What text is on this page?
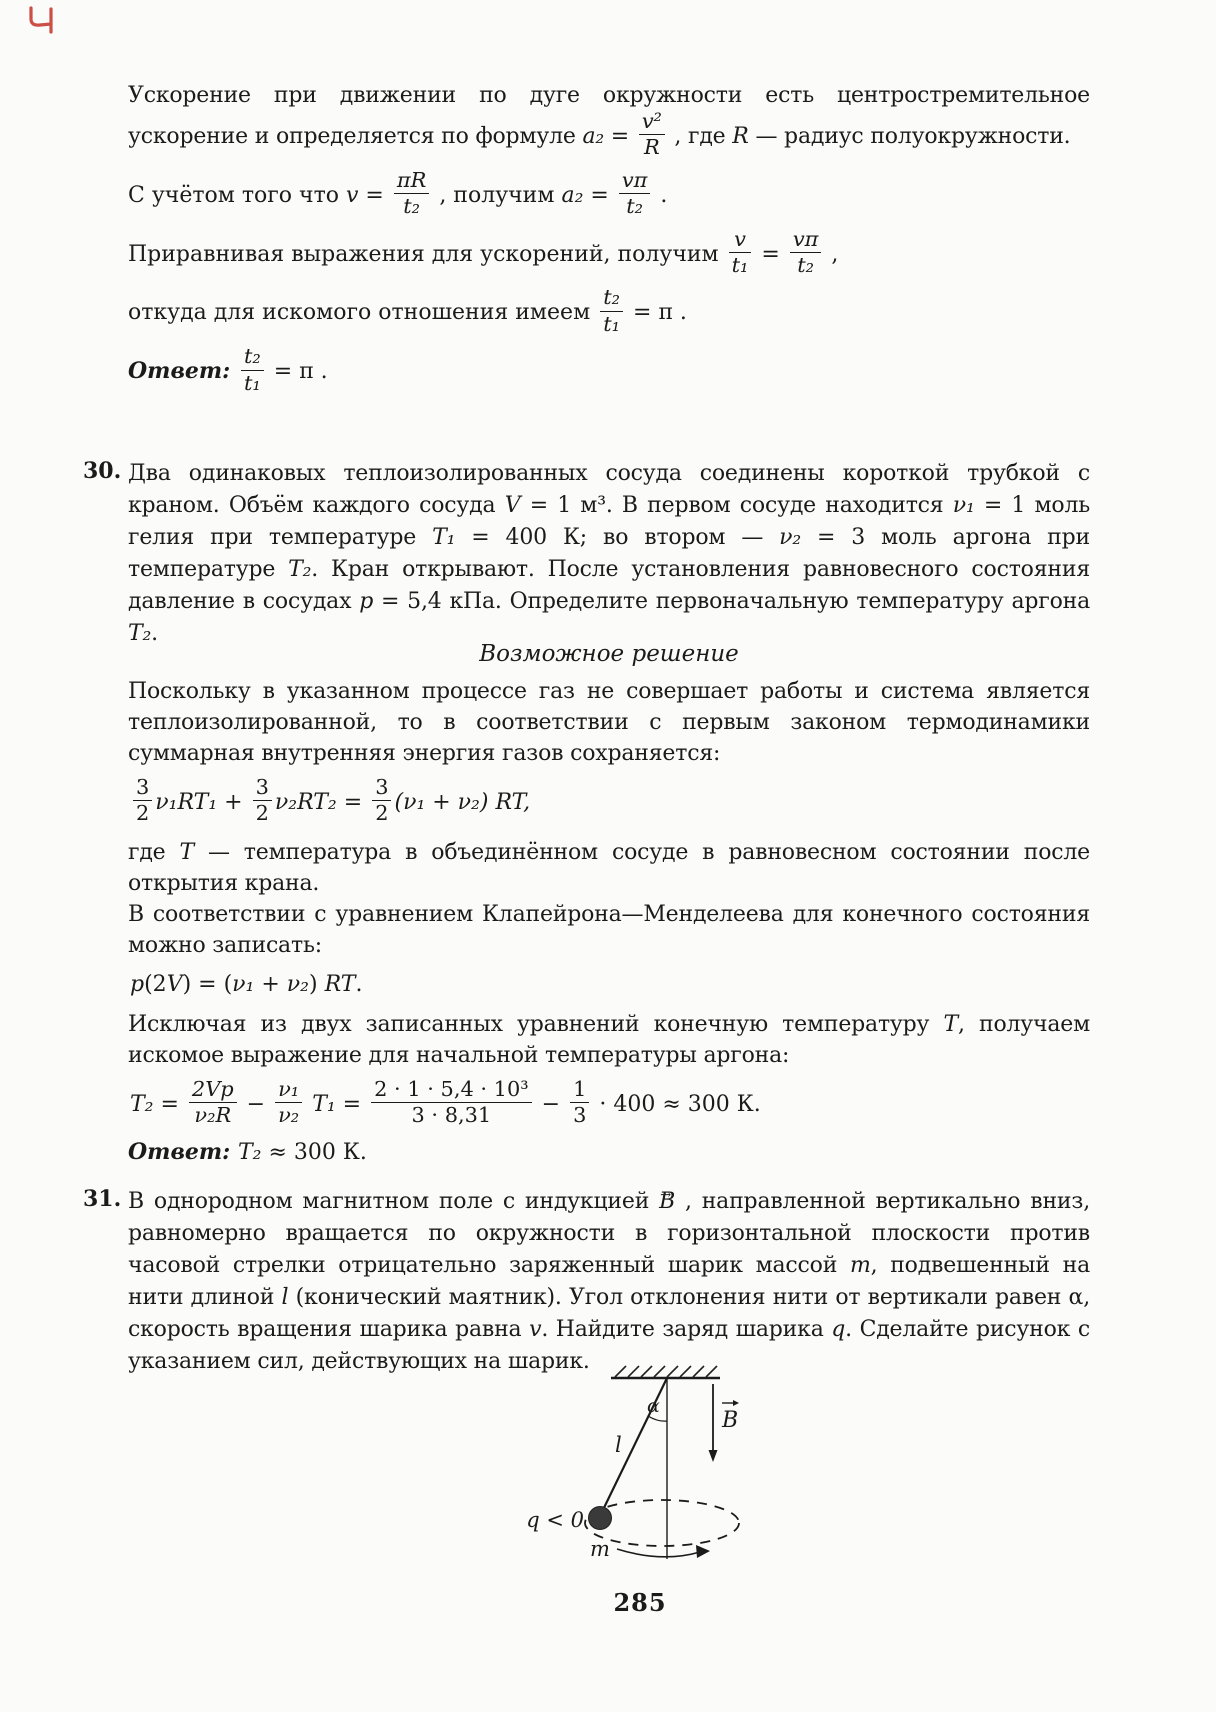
Ускорение при движении по дуге окружности есть центростремительное ускорение и определяется по формуле $a_2 = \frac{\text{v²}}{R}$ , где R — радиус полуокружности.

С учётом того что $v = \frac{\pi R}{\text{t₂}}$ , получим $a_2 = \frac{v\pi}{\text{t₂}}$ .
Приравнивая выражения для ускорений, получим $\frac{v}{\text{t₁}} = \frac{v\pi}{\text{t₂}}$ ,
откуда для искомого отношения имеем $\frac{\text{t₂}}{\text{t₁}} = \pi$ .
Ответ: $\frac{\text{t₂}}{\text{t₁}} = \pi$ .
30. Два одинаковых теплоизолированных сосуда соединены короткой трубкой с краном. Объём каждого сосуда V = 1 м³. В первом сосуде находится ν₁ = 1 моль гелия при температуре T₁ = 400 К; во втором — ν₂ = 3 моль аргона при температуре T₂. Кран открывают. После установления равновесного состояния давление в сосудах p = 5,4 кПа. Определите первоначальную температуру аргона T₂.

Возможное решение

Поскольку в указанном процессе газ не совершает работы и система является теплоизолированной, то в соответствии с первым законом термодинамики суммарная внутренняя энергия газов сохраняется:

$\frac{3}{2} \nu_1RT_1 + \frac{3}{2} \nu_2RT_2 = \frac{3}{2} (\nu_1 + \nu_2)$ RT,

где T — температура в объединённом сосуде в равновесном состоянии после открытия крана.

В соответствии с уравнением Клапейрона—Менделеева для конечного состояния можно записать:

p(2V) = (ν₁ + ν₂) RT.

Исключая из двух записанных уравнений конечную температуру T, получаем искомое выражение для начальной температуры аргона:

$T_2 = \frac{2Vp}{\text{ν₂R}} - \frac{\text{ν₁}}{\text{ν₂}} T_1 = \frac{\text{2 · 1 · 5,4 · 10³}}{3 \cdot 8,31} - \frac{1}{3} \cdot 400 \approx 300$ К.
Ответ: T₂ ≈ 300 К.
31. В однородном магнитном поле с индукцией B → , направленной вертикально вниз, равномерно вращается по окружности в горизонтальной плоскости против часовой стрелки отрицательно заряженный шарик массой m, подвешенный на нити длиной l (конический маятник). Угол отклонения нити от вертикали равен α, скорость вращения шарика равна v. Найдите заряд шарика q. Сделайте рисунок с указанием сил, действующих на шарик.

B
α
l
q < 0
m
285
